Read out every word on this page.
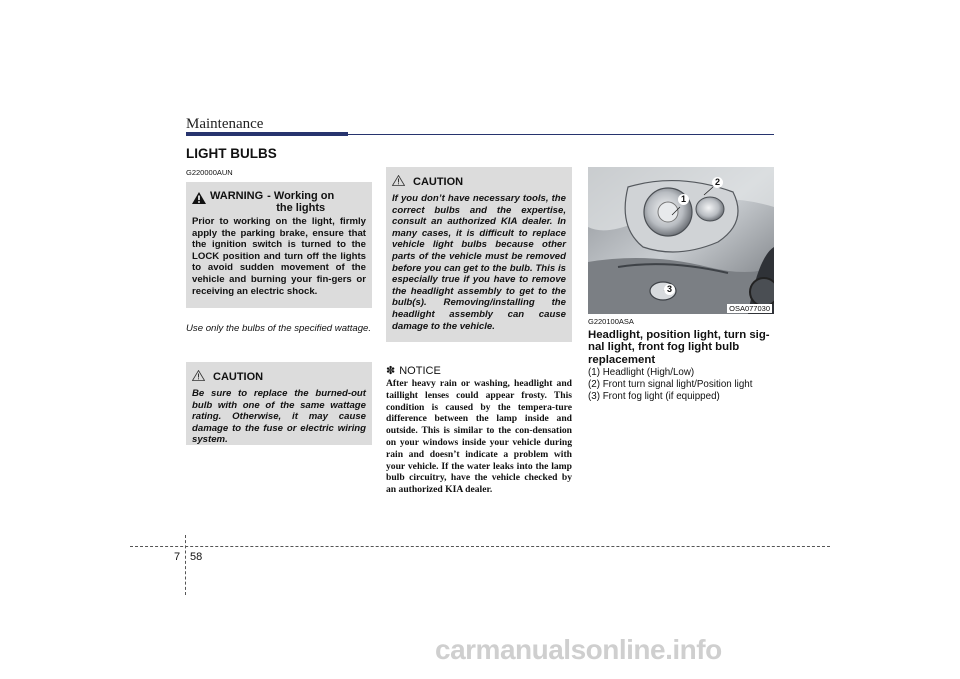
Maintenance
LIGHT BULBS
G220000AUN
WARNING - Working on
the lights
Prior to working on the light, firmly apply the parking brake, ensure that the ignition switch is turned to the LOCK position and turn off the lights to avoid sudden movement of the vehicle and burning your fin-gers or receiving an electric shock.
Use only the bulbs of the specified wattage.
CAUTION
Be sure to replace the burned-out bulb with one of the same wattage rating. Otherwise, it may cause damage to the fuse or electric wiring system.
CAUTION
If you don’t have necessary tools, the correct bulbs and the expertise, consult an authorized KIA dealer. In many cases, it is difficult to replace vehicle light bulbs because other parts of the vehicle must be removed before you can get to the bulb. This is especially true if you have to remove the headlight assembly to get to the bulb(s). Removing/installing the headlight assembly can cause damage to the vehicle.
✽ NOTICE
After heavy rain or washing, headlight and taillight lenses could appear frosty. This condition is caused by the tempera-ture difference between the lamp inside and outside. This is similar to the con-densation on your windows inside your vehicle during rain and doesn’t indicate a problem with your vehicle. If the water leaks into the lamp bulb circuitry, have the vehicle checked by an authorized KIA dealer.
1
2
3
OSA077030
G220100ASA
Headlight, position light, turn sig-nal light, front fog light bulb replacement
(1) Headlight (High/Low)
(2) Front turn signal light/Position light
(3) Front fog light (if equipped)
7 58
carmanualsonline.info
